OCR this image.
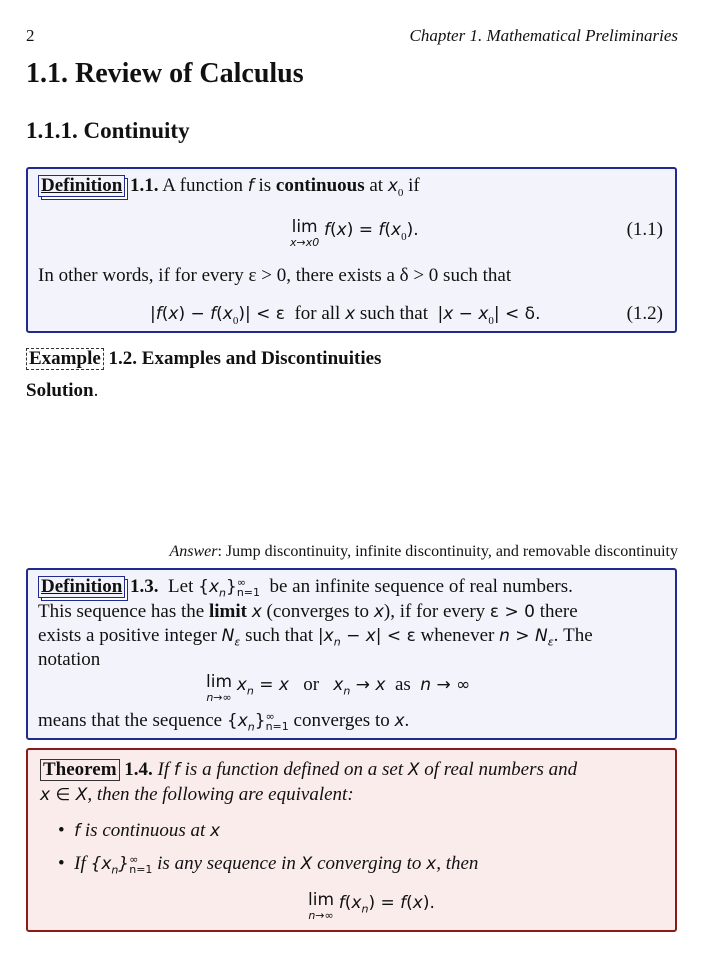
2	Chapter 1. Mathematical Preliminaries
1.1. Review of Calculus
1.1.1. Continuity
Definition 1.1. A function f is continuous at $x_0$ if
lim
x→x0
$f(x) = f(x_0)$.	(1.1)
In other words, if for every ε > 0, there exists a δ > 0 such that
$|f(x) - f(x_0)| < \varepsilon$  for all x such that  $|x - x_0| < \delta$.	(1.2)
Example 1.2. Examples and Discontinuities
Solution.
Answer: Jump discontinuity, infinite discontinuity, and removable discontinuity
Definition 1.3.  Let $\{x_n\}\infty$
n=1  be an infinite sequence of real numbers.
This sequence has the limit x (converges to x), if for every ε > 0 there
exists a positive integer $N_\varepsilon$ such that $|x_n - x| < \varepsilon$ whenever $n > N_\varepsilon$. The
notation
lim
n→∞
$x_n = x$   or   $x_n \to x$  as  n → ∞
means that the sequence $\{x_n\}\infty$
n=1 converges to x.
Theorem 1.4. If f is a function defined on a set X of real numbers and
x ∈ X, then the following are equivalent:
• f is continuous at x
•  If $\{x_n\}\infty$
n=1 is any sequence in X converging to x, then
lim
n→∞
$f(x_n) = f(x)$.
